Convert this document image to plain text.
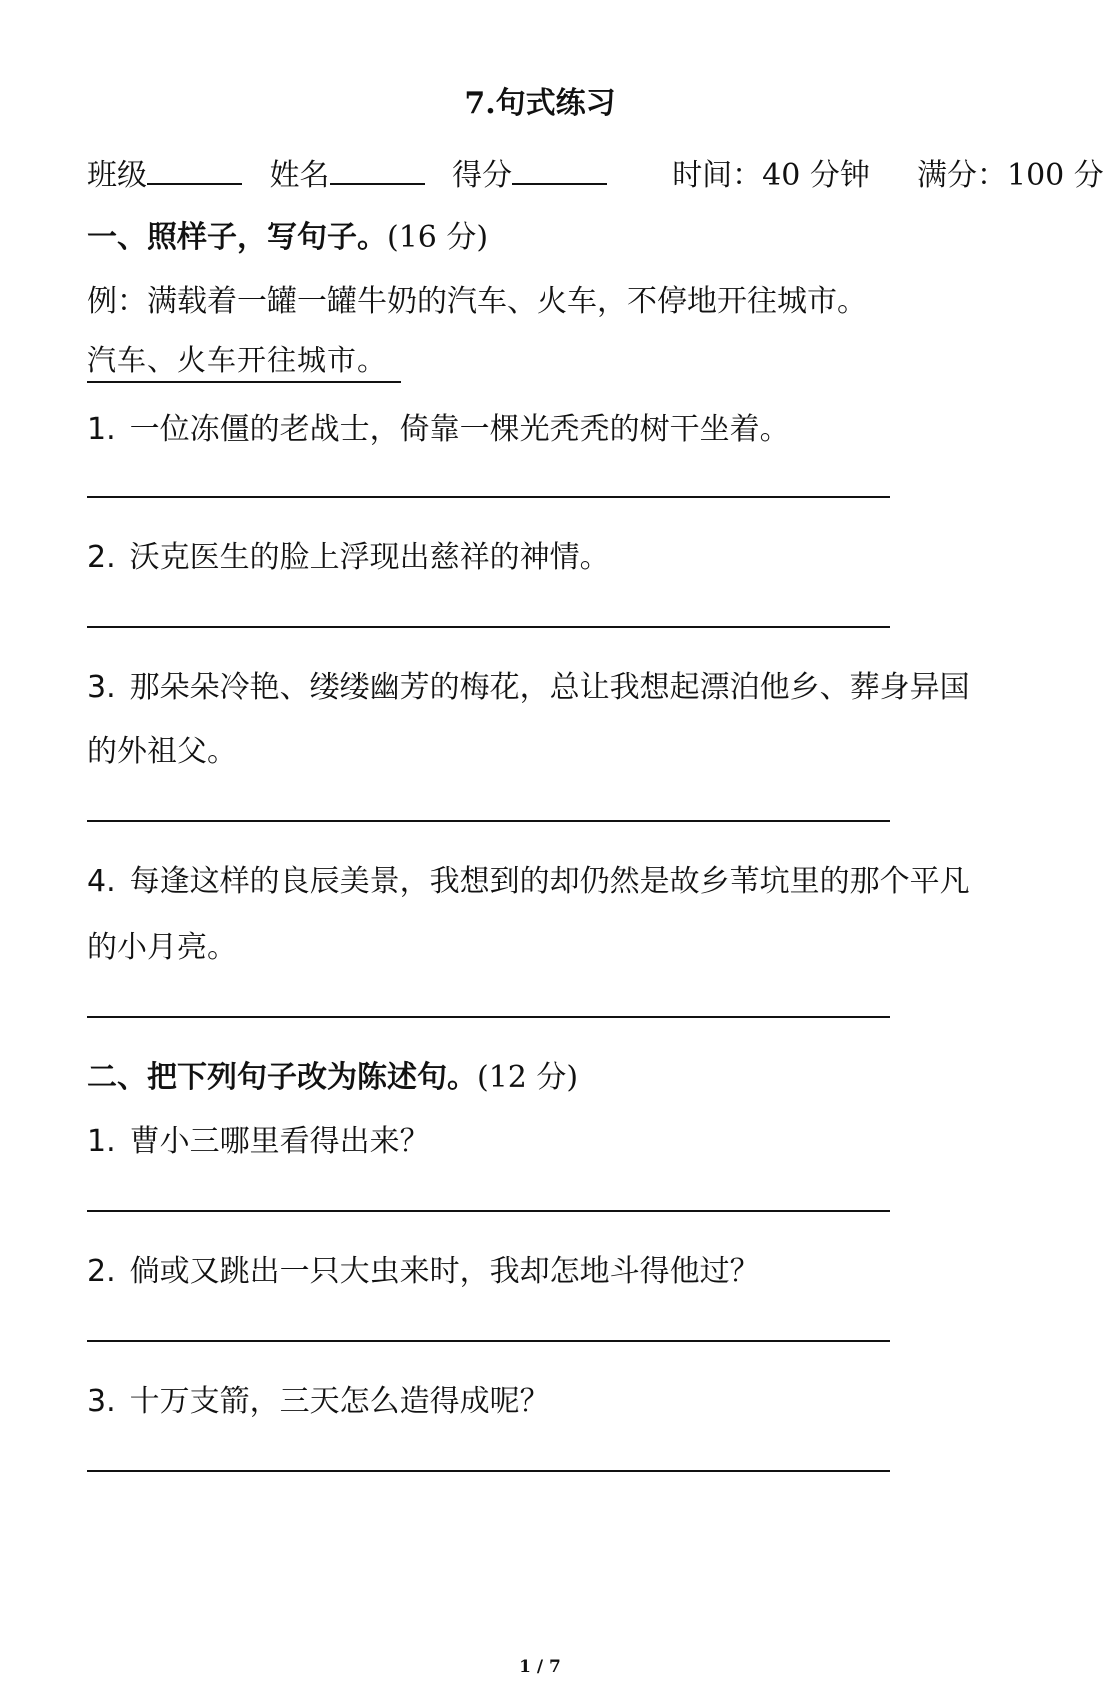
7.句式练习
班级	姓名	得分	时间：40 分钟 满分：100 分
一、照样子，写句子。(16 分)
例：满载着一罐一罐牛奶的汽车、火车，不停地开往城市。
汽车、火车开往城市。
1. 一位冻僵的老战士，倚靠一棵光秃秃的树干坐着。
2. 沃克医生的脸上浮现出慈祥的神情。
3. 那朵朵冷艳、缕缕幽芳的梅花，总让我想起漂泊他乡、葬身异国
的外祖父。
4. 每逢这样的良辰美景，我想到的却仍然是故乡苇坑里的那个平凡
的小月亮。
二、把下列句子改为陈述句。(12 分)
1. 曹小三哪里看得出来？
2. 倘或又跳出一只大虫来时，我却怎地斗得他过？
3. 十万支箭，三天怎么造得成呢？
1 / 7
